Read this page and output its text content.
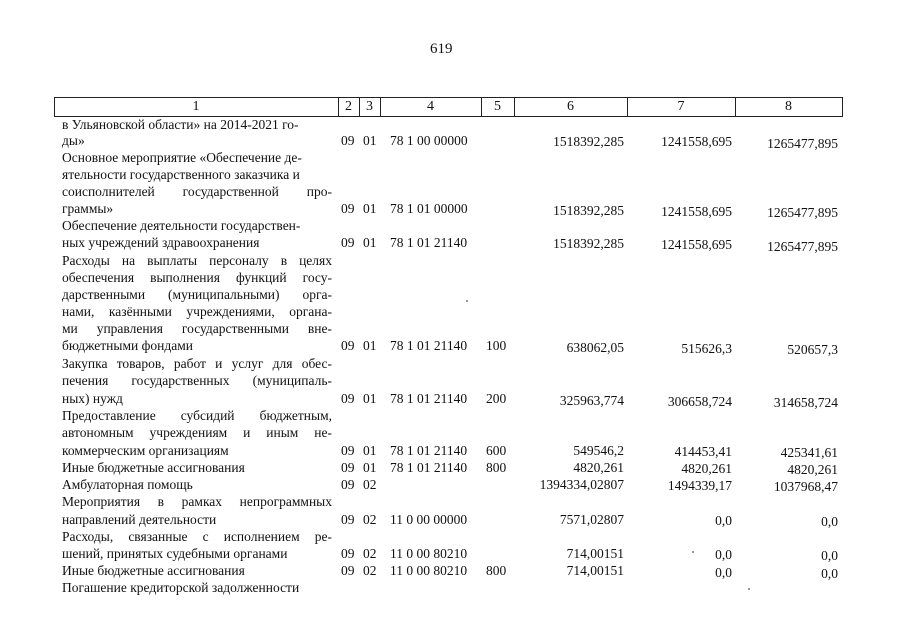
619
1	2	3	4	5	6	7	8
в Ульяновской области» на 2014-2021 го-
ды»	09 01 78 1 00 00000	1518392,285	1241558,695	1265477,895
Основное мероприятие «Обеспечение де-
ятельности государственного заказчика и
соисполнителей государственной про-
граммы»	09 01 78 1 01 00000	1518392,285	1241558,695	1265477,895
Обеспечение деятельности государствен-
ных учреждений здравоохранения	09 01 78 1 01 21140	1518392,285	1241558,695	1265477,895
Расходы на выплаты персоналу в целях
обеспечения выполнения функций госу-
дарственными (муниципальными) орга-
нами, казёнными учреждениями, органа-
ми управления государственными вне-
бюджетными фондами	09 01 78 1 01 21140 100	638062,05	515626,3	520657,3
Закупка товаров, работ и услуг для обес-
печения государственных (муниципаль-
ных) нужд	09 01 78 1 01 21140 200	325963,774	306658,724	314658,724
Предоставление субсидий бюджетным,
автономным учреждениям и иным не-
коммерческим организациям	09 01 78 1 01 21140 600	549546,2	414453,41	425341,61
Иные бюджетные ассигнования	09 01 78 1 01 21140 800	4820,261	4820,261	4820,261
Амбулаторная помощь	09 02	1394334,02807	1494339,17	1037968,47
Мероприятия в рамках непрограммных
направлений деятельности	09 02 11 0 00 00000	7571,02807	0,0	0,0
Расходы, связанные с исполнением ре-
шений, принятых судебными органами	09 02 11 0 00 80210	714,00151	0,0	0,0
Иные бюджетные ассигнования	09 02 11 0 00 80210 800	714,00151	0,0	0,0
Погашение кредиторской задолженности
